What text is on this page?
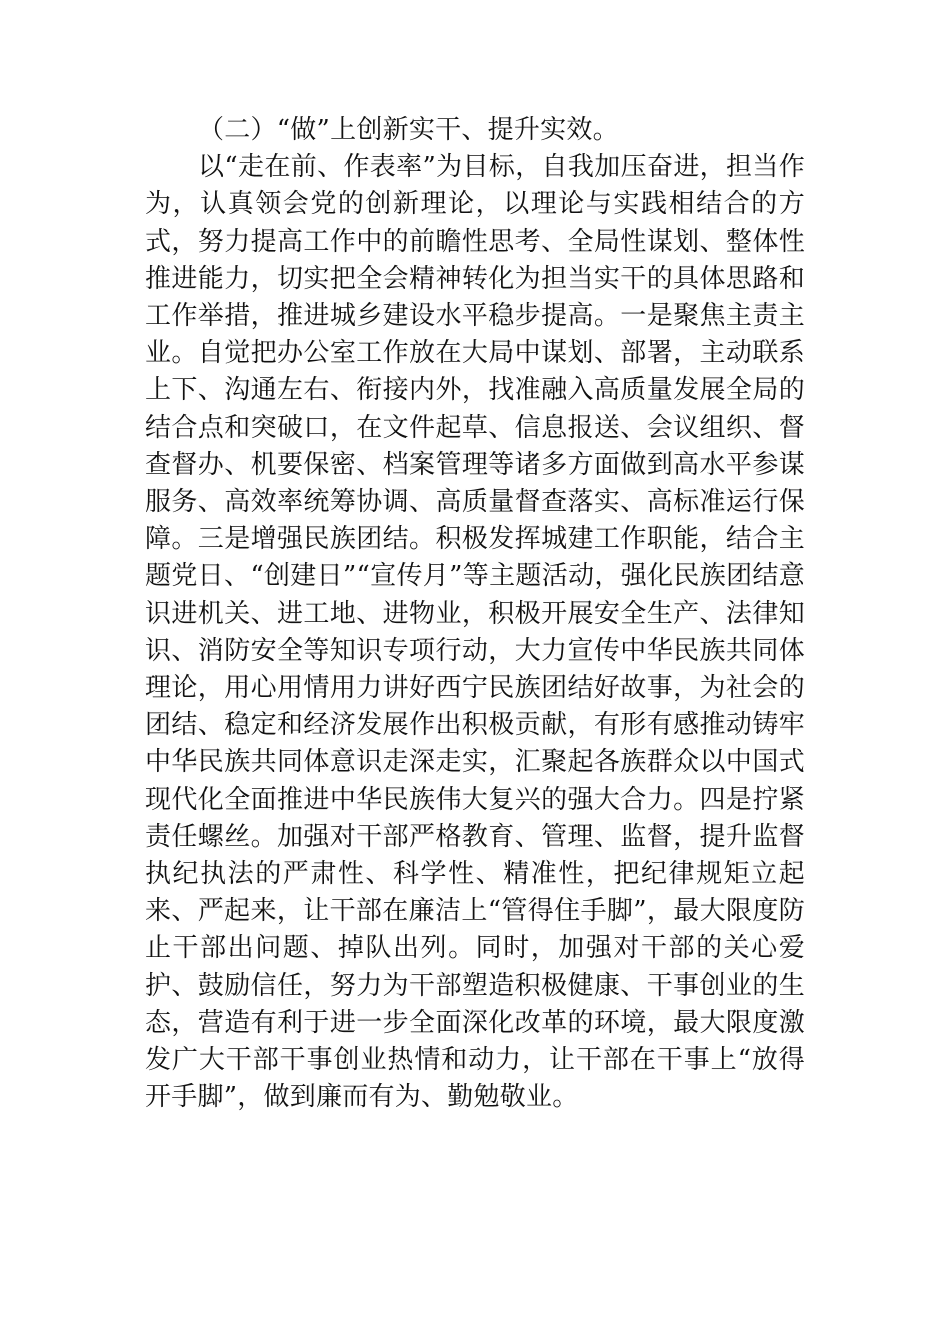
（二）“做”上创新实干、提升实效。

以“走在前、作表率”为目标，自我加压奋进，担当作为，认真领会党的创新理论，以理论与实践相结合的方式，努力提高工作中的前瞻性思考、全局性谋划、整体性推进能力，切实把全会精神转化为担当实干的具体思路和工作举措，推进城乡建设水平稳步提高。一是聚焦主责主业。自觉把办公室工作放在大局中谋划、部署，主动联系上下、沟通左右、衔接内外，找准融入高质量发展全局的结合点和突破口，在文件起草、信息报送、会议组织、督查督办、机要保密、档案管理等诸多方面做到高水平参谋服务、高效率统筹协调、高质量督查落实、高标准运行保障。三是增强民族团结。积极发挥城建工作职能，结合主题党日、“创建日”“宣传月”等主题活动，强化民族团结意识进机关、进工地、进物业，积极开展安全生产、法律知识、消防安全等知识专项行动，大力宣传中华民族共同体理论，用心用情用力讲好西宁民族团结好故事，为社会的团结、稳定和经济发展作出积极贡献，有形有感推动铸牢中华民族共同体意识走深走实，汇聚起各族群众以中国式现代化全面推进中华民族伟大复兴的强大合力。四是拧紧责任螺丝。加强对干部严格教育、管理、监督，提升监督执纪执法的严肃性、科学性、精准性，把纪律规矩立起来、严起来，让干部在廉洁上“管得住手脚”，最大限度防止干部出问题、掉队出列。同时，加强对干部的关心爱护、鼓励信任，努力为干部塑造积极健康、干事创业的生态，营造有利于进一步全面深化改革的环境，最大限度激发广大干部干事创业热情和动力，让干部在干事上“放得开手脚”，做到廉而有为、勤勉敬业。
